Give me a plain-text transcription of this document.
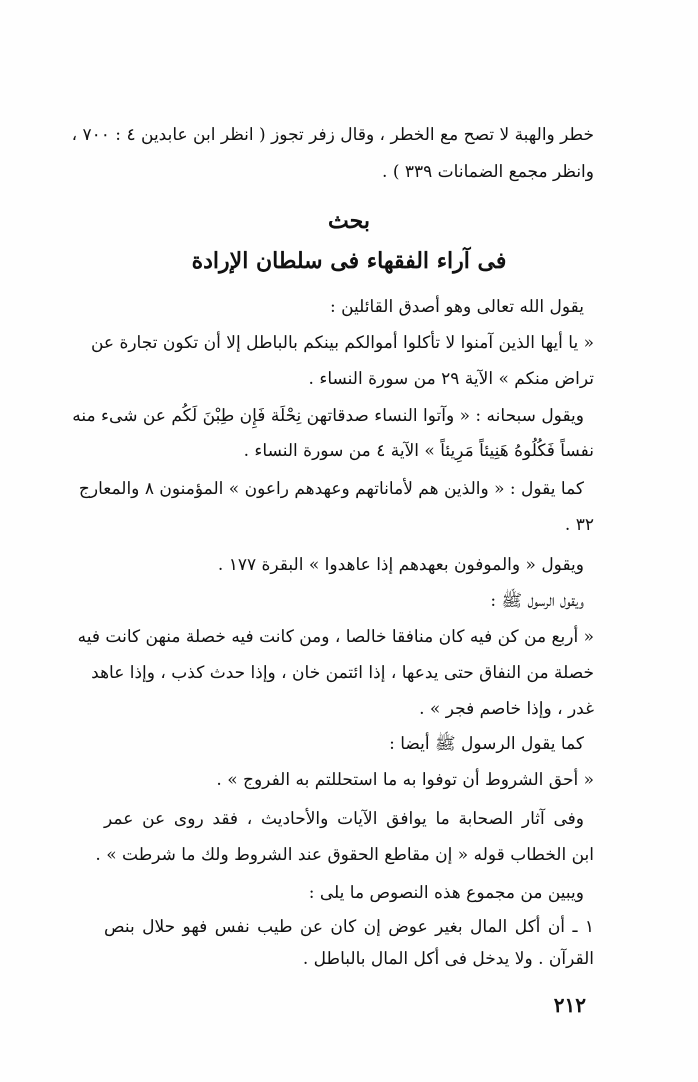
خطر والهبة لا تصح مع الخطر ، وقال زفر تجوز ( انظر ابن عابدين ٤ : ٧٠٠ ،
وانظر مجمع الضمانات ٣٣٩ ) .
بحث
فى آراء الفقهاء فى سلطان الإرادة
يقول الله تعالى وهو أصدق القائلين :
« يا أيها الذين آمنوا لا تأكلوا أموالكم بينكم بالباطل إلا أن تكون تجارة عن
تراض منكم » الآية ٢٩ من سورة النساء .
ويقول سبحانه : « وآتوا النساء صدقاتهن نِحْلَة فَإِن طِبْنَ لَكُم عن شىء منه
نفساً فَكُلُوهُ هَنِيئاً مَرِيئاً » الآية ٤ من سورة النساء .
كما يقول : « والذين هم لأماناتهم وعهدهم راعون » المؤمنون ٨ والمعارج
٣٢ .
ويقول « والموفون بعهدهم إذا عاهدوا » البقرة ١٧٧ .
ويقول الرسول ﷺ :
« أربع من كن فيه كان منافقا خالصا ، ومن كانت فيه خصلة منهن كانت فيه
خصلة من النفاق حتى يدعها ، إذا ائتمن خان ، وإذا حدث كذب ، وإذا عاهد
غدر ، وإذا خاصم فجر » .
كما يقول الرسول ﷺ أيضا :
« أحق الشروط أن توفوا به ما استحللتم به الفروج » .
وفى آثار الصحابة ما يوافق الآيات والأحاديث ، فقد روى عن عمر
ابن الخطاب قوله « إن مقاطع الحقوق عند الشروط ولك ما شرطت » .
ويبين من مجموع هذه النصوص ما يلى :
١ ـ أن أكل المال بغير عوض إن كان عن طيب نفس فهو حلال بنص
القرآن . ولا يدخل فى أكل المال بالباطل .
٢١٢
